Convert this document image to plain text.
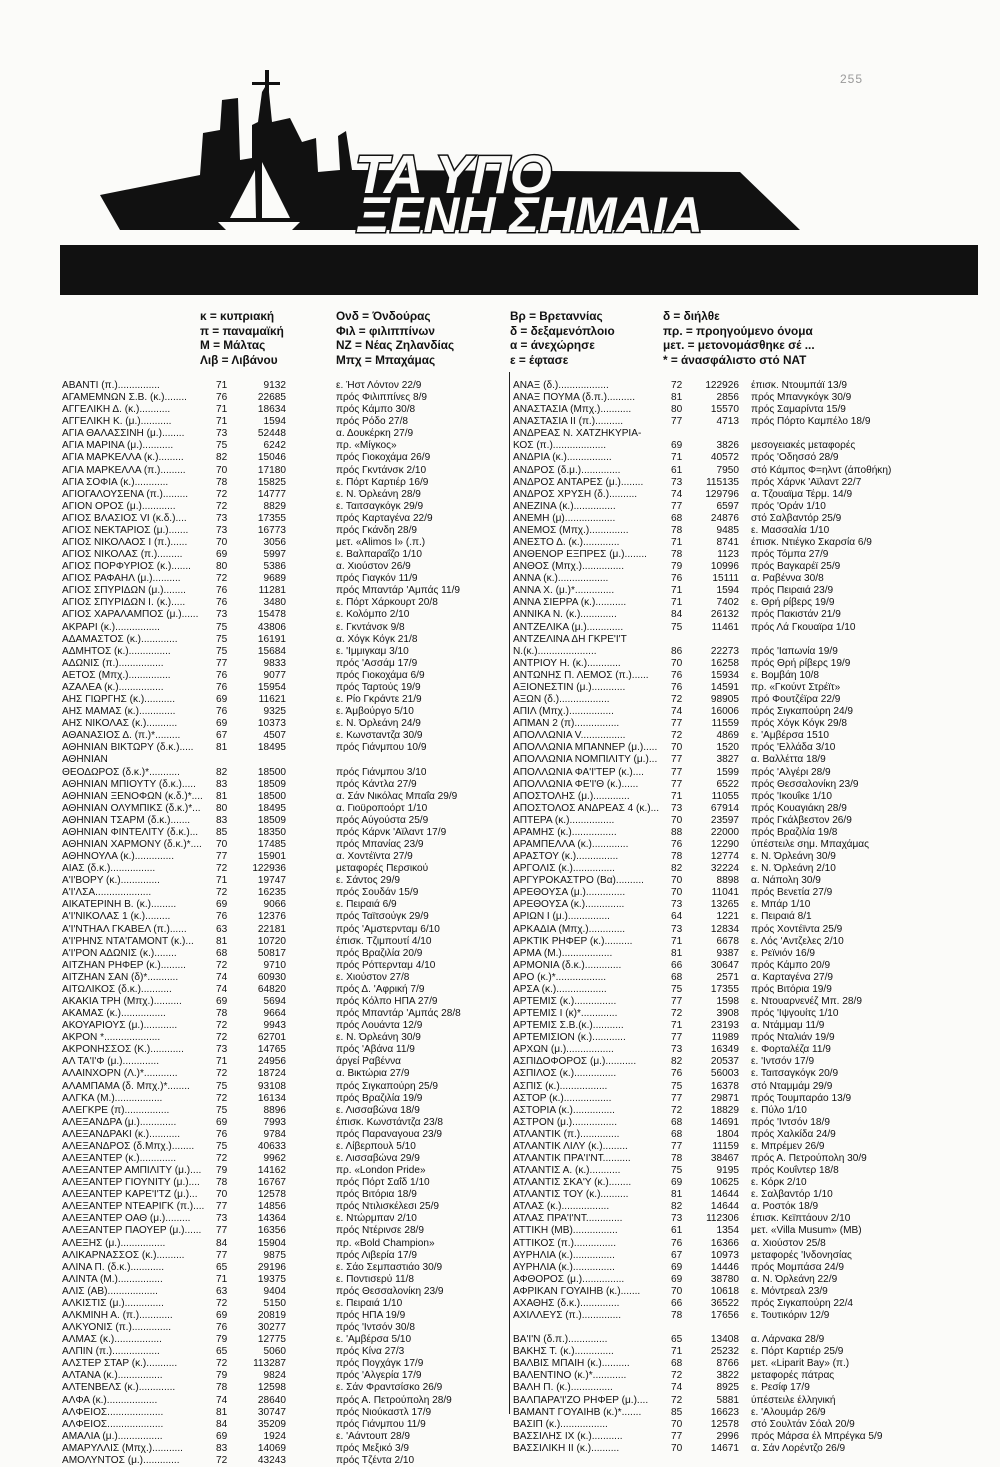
255
ΤΑ ΥΠΟ
ΞΕΝΗ ΣΗΜΑΙΑ
κ = κυπριακή
π = παναμαϊκή
Μ = Μάλτας
Λιβ = Λιβάνου
Ονδ = Όνδούρας
Φιλ = φιλιππίνων
ΝΖ = Νέας Ζηλανδίας
Μπχ = Μπαχάμας
Βρ = Βρεταννίας
δ = δεξαμενόπλοιο
α = άνεχώρησε
ε = έφτασε
δ = διήλθε
πρ. = προηγούμενο όνομα
μετ. = μετονομάσθηκε σέ ...
* = άνασφάλιστο στό ΝΑΤ
ΑΒΑΝΤΙ (π.)...............	71	9132	ε. Ήστ Λόντον 22/9
ΑΓΑΜΕΜΝΩΝ Σ.Β. (κ.)........	76	22685	πρός Φιλιππίνες 8/9
ΑΓΓΕΛΙΚΗ Δ. (κ.)...........	71	18634	πρός Κάμπο 30/8
ΑΓΓΕΛΙΚΗ Κ. (μ.)...........	71	1594	πρός Ρόδο 27/8
ΑΓΙΑ ΘΑΛΑΣΣΙΝΗ (μ.)........	73	52448	α. Δουκέρκη 27/9
ΑΓΙΑ ΜΑΡΙΝΑ (μ.)...........	75	6242	πρ. «Μίγκος»
ΑΓΙΑ ΜΑΡΚΕΛΛΑ (κ.).........	82	15046	πρός Γιοκοχάμα 26/9
ΑΓΙΑ ΜΑΡΚΕΛΛΑ (π.).........	70	17180	πρός Γκντάνσκ 2/10
ΑΓΙΑ ΣΟΦΙΑ (κ.)............	78	15825	ε. Πόρτ Καρτιέρ 16/9
ΑΓΙΟΓΑΛΟΥΣΕΝΑ (π.).........	72	14777	ε. Ν. Όρλεάνη 28/9
ΑΓΙΟΝ ΟΡΟΣ (μ.)............	72	8829	ε. Ταιτσαγκόγκ 29/9
ΑΓΙΟΣ ΒΛΑΣΙΟΣ VI (κ.δ.)....	73	17355	πρός Καρταγένα 22/9
ΑΓΙΟΣ ΝΕΚΤΑΡΙΟΣ (μ.).......	73	16773	πρός Γκάνδη 28/9
ΑΓΙΟΣ ΝΙΚΟΛΑΟΣ I (π.)......	70	3056	μετ. «Alimos I» (.π.)
ΑΓΙΟΣ ΝΙΚΟΛΑΣ (π.).........	69	5997	ε. Βαλπαραΐζο 1/10
ΑΓΙΟΣ ΠΟΡΦΥΡΙΟΣ (κ.).......	80	5386	α. Χιούστον 26/9
ΑΓΙΟΣ ΡΑΦΑΗΛ (μ.)..........	72	9689	πρός Γιαγκόν 11/9
ΑΓΙΟΣ ΣΠΥΡΙΔΩΝ (μ.)........	76	11281	πρός Μπαντάρ 'Αμπάς 11/9
ΑΓΙΟΣ ΣΠΥΡΙΔΩΝ I. (κ.).....	76	3480	ε. Πόρτ Χάρκουρτ 20/8
ΑΓΙΟΣ ΧΑΡΑΛΑΜΠΟΣ (μ.)......	73	15478	ε. Κολόμπο 2/10
ΑΚΡΑΡΙ (κ.)................	75	43806	ε. Γκντάνσκ 9/8
ΑΔΑΜΑΣΤΟΣ (κ.).............	75	16191	α. Χόγκ Κόγκ 21/8
ΑΔΜΗΤΟΣ (κ.)...............	75	15684	ε. 'Ιμμιγκαμ 3/10
ΑΔΩΝΙΣ (π.)................	77	9833	πρός 'Ασσάμ 17/9
ΑΕΤΟΣ (Μπχ.)...............	76	9077	πρός Γιοκοχάμα 6/9
ΑΖΑΛΕΑ (κ.)................	76	15954	πρός Ταρτούς 19/9
ΑΗΣ ΓΙΩΡΓΗΣ (κ.)...........	69	11621	ε. Ρίο Γκράντε 21/9
ΑΗΣ ΜΑΜΑΣ (κ.).............	76	9325	ε. Άμβούργο 5/10
ΑΗΣ ΝΙΚΟΛΑΣ (κ.)...........	69	10373	ε. Ν. Όρλεάνη 24/9
ΑΘΑΝΑΣΙΟΣ Δ. (π.)*.........	67	4507	ε. Κωνσταντζα 30/9
ΑΘΗΝΙΑΝ ΒΙΚΤΩΡΥ (δ.κ.).....	81	18495	πρός Γιάνμπου 10/9
ΑΘΗΝΙΑΝ
ΘΕΟΔΩΡΟΣ (δ.κ.)*...........	82	18500	πρός Γιάνμπου 3/10
ΑΘΗΝΙΑΝ ΜΠΙΟΥΤΥ (δ.κ.).....	83	18509	πρός Κάντλα 27/9
ΑΘΗΝΙΑΝ ΞΕΝΟΦΩΝ (κ.δ.)*....	81	18500	α. Σάν Νικόλας Μπαΐα 29/9
ΑΘΗΝΙΑΝ ΟΛΥΜΠΙΚΣ (δ.κ.)*...	80	18495	α. Γιοϋροποόρτ 1/10
ΑΘΗΝΙΑΝ ΤΣΑΡΜ (δ.κ.).......	83	18509	πρός Αύγούστα 25/9
ΑΘΗΝΙΑΝ ΦΙΝΤΕΛΙΤΥ (δ.κ.)...	85	18350	πρός Κάρνκ 'Αϊλαντ 17/9
ΑΘΗΝΙΑΝ ΧΑΡΜΟΝΥ (δ.κ.)*....	70	17485	πρός Μπανίας 23/9
ΑΘΗΝΟΥΛΑ (κ.)..............	77	15901	α. Χοντέϊντα 27/9
ΑΙΑΣ (δ.κ.)................	72	122936	μεταφορές Περσικού
Α'Ι'ΒΟΡΥ (κ.)..............	71	19747	ε. Σάντος 29/9
Α'Ι'ΛΣΑ....................	72	16235	πρός Σουδάν 15/9
ΑΙΚΑΤΕΡΙΝΗ Β. (κ.).........	69	9066	ε. Πειραιά 6/9
Α'Ι'ΝΙΚΟΛΑΣ 1 (κ.).........	76	12376	πρός Ταϊτσούγκ 29/9
Α'Ι'ΝΤΗΑΛ ΓΚΑΒΕΛ (π.)......	63	22181	πρός 'Αμστερνταμ 6/10
Α'Ι'ΡΗΝΣ ΝΤΑ'ΓΑΜΟΝΤ (κ.)...	81	10720	έπισκ. Τζιμπουτί 4/10
Α'Ι'ΡΟΝ ΑΔΩΝΙΣ (κ.)........	68	50817	πρός Βραζιλία 20/9
ΑΙΤΖΗΑΝ ΡΗΦΕΡ (κ.).........	72	9710	πρός Ρόττερνταμ 4/10
ΑΙΤΖΗΑΝ ΣΑΝ (δ)*...........	74	60930	ε. Χιούστον 27/8
ΑΙΤΩΛΙΚΟΣ (δ.κ.)...........	74	64820	πρός Δ. 'Αφρική 7/9
ΑΚΑΚΙΑ ΤΡΗ (Μπχ.)..........	69	5694	πρός Κόλπο ΗΠΑ 27/9
ΑΚΑΜΑΣ (κ.)................	78	9664	πρός Μπαντάρ 'Αμπάς 28/8
ΑΚΟΥΑΡΙΟΥΣ (μ.)............	72	9943	πρός Λουάντα 12/9
ΑΚΡΟΝ *....................	72	62701	ε. Ν. Όρλεάνη 30/9
ΑΚΡΟΝΗΣΣΟΣ (Κ.)............	73	14765	πρός 'Αβάνα 11/9
ΑΛ ΤΑ'Ι'Φ (μ.).............	71	24956	άργεί Ραβέννα
ΑΛΑΙΝΧΟΡΝ (Λ.)*............	72	18724	α. Βικτώρια 27/9
ΑΛΑΜΠΑΜΑ (δ. Μπχ.)*........	75	93108	πρός Σιγκαπούρη 25/9
ΑΛΓΚΑ (Μ.).................	72	16134	πρός Βραζιλία 19/9
ΑΛΕΓΚΡΕ (π)................	75	8896	ε. Λισσαβώνα 18/9
ΑΛΕΞΑΝΔΡΑ (μ.).............	69	7993	έπισκ. Κωνστάντζα 23/8
ΑΛΕΞΑΝΔΡΑΚΙ (κ.)...........	76	9784	πρός Παραναγουα 23/9
ΑΛΕΞΑΝΔΡΟΣ (δ.Μπχ.)........	75	40633	ε. Λίβερπουλ 5/10
ΑΛΕΞΑΝΤΕΡ (κ.).............	72	9962	ε. Λισσαβώνα 29/9
ΑΛΕΞΑΝΤΕΡ ΑΜΠΙΛΙΤΥ (μ.)....	79	14162	πρ. «London Pride»
ΑΛΕΞΑΝΤΕΡ ΓΙΟΥΝΙΤΥ (μ.)....	78	16767	πρός Πόρτ Σαΐδ 1/10
ΑΛΕΞΑΝΤΕΡ ΚΑΡΕ'Ι'ΤΖ (μ.)...	70	12578	πρός Βιτόρια 18/9
ΑΛΕΞΑΝΤΕΡ ΝΤΕΑΡΙΓΚ (π.)....	77	14856	πρός Ντιλισκέλεσι 25/9
ΑΛΕΞΑΝΤΕΡ ΟΑΘ (μ.).........	73	14364	ε. Ντώρμπαν 2/10
ΑΛΕΞΑΝΤΕΡ ΠΑΟΥΕΡ (μ.)......	77	16356	πρός Ντέρινσε 28/9
ΑΛΕΞΗΣ (μ.)................	84	15904	πρ. «Bold Champion»
ΑΛΙΚΑΡΝΑΣΣΟΣ (κ.)..........	77	9875	πρός Λιβερία 17/9
ΑΛΙΝΑ Π. (δ.κ.)............	65	29196	ε. Σάο Σεμπαστιάο 30/9
ΑΛΙΝΤΑ (Μ.)................	71	19375	ε. Ποντισερύ 11/8
ΑΛΙΣ (ΑΒ)..................	63	9404	πρός Θεσσαλονίκη 23/9
ΑΛΚΙΣΤΙΣ (μ.)..............	72	5150	ε. Πειραιά 1/10
ΑΛΚΜΙΝΗ Α. (π.)............	69	20819	πρός ΗΠΑ 19/9
ΑΛΚΥΟΝΙΣ (π.)..............	76	30277	πρός 'Ιντσόν 30/8
ΑΛΜΑΣ (κ.).................	79	12775	ε. 'Αμβέρσα 5/10
ΑΛΠΙΝ (π.).................	65	5060	πρός Κίνα 27/3
ΑΛΣΤΕΡ ΣΤΑΡ (κ.)...........	72	113287	πρός Πογχάγκ 17/9
ΑΛΤΑΝΑ (κ.)................	79	9824	πρός 'Αλγερία 17/9
ΑΛΤΕΝΒΕΛΣ (κ.).............	78	12598	ε. Σάν Φραντσίσκο 26/9
ΑΛΦΑ (κ.)..................	74	28640	πρός Α. Πετρούπολη 28/9
ΑΛΦΕΙΟΣ....................	81	30747	πρός Νιούκαστλ 17/9
ΑΛΦΕΙΟΣ....................	84	35209	πρός Γιάνμπου 11/9
ΑΜΑΛΙΑ (μ.)................	69	1924	ε. 'Αάντουπ 28/9
ΑΜΑΡΥΛΛΙΣ (Μπχ.)...........	83	14069	πρός Μεξικό 3/9
ΑΜΟΛΥΝΤΟΣ (μ.).............	72	43243	πρός Τζέντα 2/10
ΑΝΑΞ (δ.)..................	72	122926 έπισκ. Ντουμπάϊ 13/9
ΑΝΑΞ ΠΟΥΜΑ (δ.π.)..........	81	2856 πρός Μπανγκόγκ 30/9
ΑΝΑΣΤΑΣΙΑ (Μπχ.)...........	80	15570 πρός Σαμαρίντα 15/9
ΑΝΑΣΤΑΣΙΑ II (π.)..........	77	4713 πρός Πόρτο Καμπέλο 18/9
ΑΝΔΡΕΑΣ Ν. ΧΑΤΖΗΚΥΡΙΑ-
ΚΟΣ (π.)...................	69	3826 μεσογειακές μεταφορές
ΑΝΔΡΙΑ (κ.)................	71	40572 πρός 'Οδησσό 28/9
ΑΝΔΡΟΣ (δ.μ.)..............	61	7950 στό Κάμπος Φ=ηλντ (άποθήκη)
ΑΝΔΡΟΣ ΑΝΤΑΡΕΣ (μ.)........	73	115135 πρός Χάρνκ 'Αϊλαντ 22/7
ΑΝΔΡΟΣ ΧΡΥΣΗ (δ.)..........	74	129796 α. Τζουαϊμα Τέρμ. 14/9
ΑΝΕΖΙΝΑ (κ.)...............	77	6597 πρός 'Οράν 1/10
ΑΝΕΜΗ (μ)..................	68	24876 στό Σαλβαντόρ 25/9
ΑΝΕΜΟΣ (Μπχ.)..............	78	9485 ε. Μασσαλία 1/10
ΑΝΕΣΤΟ Δ. (κ.).............	71	8741 έπισκ. Ντιέγκο Σκαρσία 6/9
ΑΝΘΕΝΟΡ ΕΞΠΡΕΣ (μ.)........	78	1123 πρός Τόμπα 27/9
ΑΝΘΟΣ (Μπχ.)...............	79	10996 πρός Βαγκαρέϊ 25/9
ΑΝΝΑ (κ.)..................	76	15111 α. Ραβέννα 30/8
ΑΝΝΑ Χ. (μ.)*..............	71	1594 πρός Πειραιά 23/9
ΑΝΝΑ ΣΙΕΡΡΑ (κ.)...........	71	7402 ε. Θρή ρίβερς 19/9
ΑΝΝΙΚΑ Ν. (κ.).............	84	26132 πρός Πακιστάν 21/9
ΑΝΤΖΕΛΙΚΑ (μ.).............	75	11461 πρός Λά Γκουαϊρα 1/10
ΑΝΤΖΕΛΙΝΑ ΔΗ ΓΚΡΕ'Ι'Τ
Ν.(κ.).....................	86	22273 πρός 'Ιαπωνία 19/9
ΑΝΤΡΙΟΥ Η. (κ.)............	70	16258 πρός Θρή ρίβερς 19/9
ΑΝΤΩΝΗΣ Π. ΛΕΜΟΣ (π.)......	76	15934 ε. Βομβάη 10/8
ΑΞΙΟΝΕΣΤΙΝ (μ.)............	76	14591 πρ. «Γκούντ Στρέϊτ»
ΑΞΩΝ (δ.)..................	72	98905 πρό Φουτζέϊρα 22/9
ΑΠΙΛ (Μπχ.)................	74	16006 πρός Σιγκαπούρη 24/9
ΑΠΜΑΝ 2 (π)................	77	11559 πρός Χόγκ Κόγκ 29/8
ΑΠΟΛΛΩΝΙΑ V................	72	4869 ε. 'Αμβέρσα 1510
ΑΠΟΛΛΩΝΙΑ ΜΠΑΝΝΕΡ (μ.).....	70	1520 πρός 'Ελλάδα 3/10
ΑΠΟΛΛΩΝΙΑ ΝΟΜΠΙΛΙΤΥ (μ.)...	77	3827 α. Βαλλέττα 18/9
ΑΠΟΛΛΩΝΙΑ ΦΑ'Ι'ΤΕΡ (κ.)....	77	1599 πρός 'Αλγέρι 28/9
ΑΠΟΛΛΩΝΙΑ ΦΕ'Ι'Θ (κ.)......	77	6522 πρός Θεσσαλονίκη 23/9
ΑΠΟΣΤΟΛΗΣ (μ.).............	71	11055 πρός 'Ικουΐκε 1/10
ΑΠΟΣΤΟΛΟΣ ΑΝΔΡΕΑΣ 4 (κ.)...	73	67914 πρός Κουαγιάκη 28/9
ΑΠΤΕΡΑ (κ.)................	70	23597 πρός Γκάλβεστον 26/9
ΑΡΑΜΗΣ (κ.)................	88	22000 πρός Βραζιλία 19/8
ΑΡΑΜΠΕΛΛΑ (κ.).............	76	12290 ύπέστειλε σημ. Μπαχάμας
ΑΡΑΣΤΟΥ (κ.)...............	78	12774 ε. Ν. Όρλεάνη 30/9
ΑΡΓΟΛΙΣ (κ.)...............	82	32224 ε. Ν. Όρλεάνη 2/10
ΑΡΓΥΡΟΚΑΣΤΡΟ (Βα)..........	70	8898 α. Νάπολη 30/9
ΑΡΕΘΟΥΣΑ (μ.)..............	70	11041 πρός Βενετία 27/9
ΑΡΕΘΟΥΣΑ (κ.)..............	73	13265 ε. Μπάρ 1/10
ΑΡΙΩΝ I (μ.)...............	64	1221 ε. Πειραιά 8/1
ΑΡΚΑΔΙΑ (Μπχ.).............	73	12834 πρός Χοντέϊντα 25/9
ΑΡΚΤΙΚ ΡΗΦΕΡ (κ.)..........	71	6678 ε. Λός 'Αντζελες 2/10
ΑΡΜΑ (Μ.)..................	81	9387 ε. Ρεϊνιόν 16/9
ΑΡΜΟΝΙΑ (δ.κ.).............	66	30647 πρός Κάμπο 20/9
ΑΡΟ (κ.)*..................	68	2571 α. Καρταγένα 27/9
ΑΡΣΑ (κ.)..................	75	17355 πρός Βιτόρια 19/9
ΑΡΤΕΜΙΣ (κ.)...............	77	1598 ε. Ντουαρνενέζ Μπ. 28/9
ΑΡΤΕΜΙΣ I (κ)*.............	72	3908 πρός 'Ιψγουίτς 1/10
ΑΡΤΕΜΙΣ Σ.Β.(κ.)...........	71	23193 α. Ντάμμαμ 11/9
ΑΡΤΕΜΙΣΙΟΝ (κ.)............	77	11989 πρός Νταλιάν 19/9
ΑΡΧΩΝ (μ.).................	73	16349 ε. Φορταλέζα 11/9
ΑΣΠΙΔΟΦΟΡΟΣ (μ.)...........	82	20537 ε. 'Ιντσόν 17/9
ΑΣΠΙΛΟΣ (κ.)...............	76	56003 ε. Ταιτσαγκόγκ 20/9
ΑΣΠΙΣ (κ.).................	75	16378 στό Νταμμάμ 29/9
ΑΣΤΟΡ (κ.).................	77	29871 πρός Τουμπαράο 13/9
ΑΣΤΟΡΙΑ (κ.)...............	72	18829 ε. Πύλο 1/10
ΑΣΤΡΟΝ (μ.)................	68	14691 πρός 'Ιντσόν 18/9
ΑΤΛΑΝΤΙΚ (π.)..............	68	1804 πρός Χαλκίδα 24/9
ΑΤΛΑΝΤΙΚ ΛΙΛΥ (κ.).........	77	11159 ε. Μπρέμεν 26/9
ΑΤΛΑΝΤΙΚ ΠΡΑ'Ι'ΝΤ..........	78	38467 πρός Α. Πετρούπολη 30/9
ΑΤΛΑΝΤΙΣ Α. (κ.)...........	75	9195 πρός Κουΐντερ 18/8
ΑΤΛΑΝΤΙΣ ΣΚΑ'Υ (κ.)........	69	10625 ε. Κόρκ 2/10
ΑΤΛΑΝΤΙΣ ΤΟΥ (κ.)..........	81	14644 ε. Σαλβαντόρ 1/10
ΑΤΛΑΣ (κ.).................	82	14644 α. Ροστόκ 18/9
ΑΤΛΑΣ ΠΡΑ'Ι'ΝΤ.............	73	112306 έπισκ. Κεϊπτάουν 2/10
ΑΤΤΙΚΗ (ΜΒ)................	61	1354 μετ. «Villa Musum» (ΜΒ)
ΑΤΤΙΚΟΣ (π.)...............	76	16366 α. Χιούστον 25/8
ΑΥΡΗΛΙΑ (κ.)...............	67	10973 μεταφορές 'Ινδονησίας
ΑΥΡΗΛΙΑ (κ.)...............	69	14446 πρός Μομπάσα 24/9
ΑΦΘΟΡΟΣ (μ.)...............	69	38780 α. Ν. Όρλεάνη 22/9
ΑΦΡΙΚΑΝ ΓΟΥΑΙΗΒ (κ.).......	70	10618 ε. Μόντρεαλ 23/9
ΑΧΑΘΗΣ (δ.κ.)..............	66	36522 πρός Σιγκαπούρη 22/4
ΑΧΙΛΛΕΥΣ (π.)..............	78	17656 ε. Τουτικόριν 12/9
ΒΑ'Ι'Ν (δ.π.)..............	65	13408 α. Λάρνακα 28/9
ΒΑΚΗΣ Τ. (κ.)..............	71	25232 ε. Πόρτ Καρτιέρ 25/9
ΒΑΛΒΙΣ ΜΠΑΙΗ (κ.)..........	68	8766 μετ. «Liparit Bay» (π.)
ΒΑΛΕΝΤΙΝΟ (κ.)*............	72	3822 μεταφορές πάτρας
ΒΑΛΗ Π. (κ.)...............	74	8925 ε. Ρεσίφ 17/9
ΒΑΛΠΑΡΑ'Ι'ΖΟ ΡΗΦΕΡ (μ.)....	72	5881 ύπέστειλε έλληνική
ΒΑΜΑΝΤ ΓΟΥΑΙΗΒ (κ.)*.......	85	16623 ε. 'Αλουμάρ 26/9
ΒΑΣΙΠ (κ.).................	70	12578 στό Σουλτάν Σόαλ 20/9
ΒΑΣΣΙΛΗΣ IX (κ.)...........	77	2996 πρός Μάρσα έλ Μπρέγκα 5/9
ΒΑΣΣΙΛΙΚΗ II (κ.)..........	70	14671 α. Σάν Λορέντζο 26/9
